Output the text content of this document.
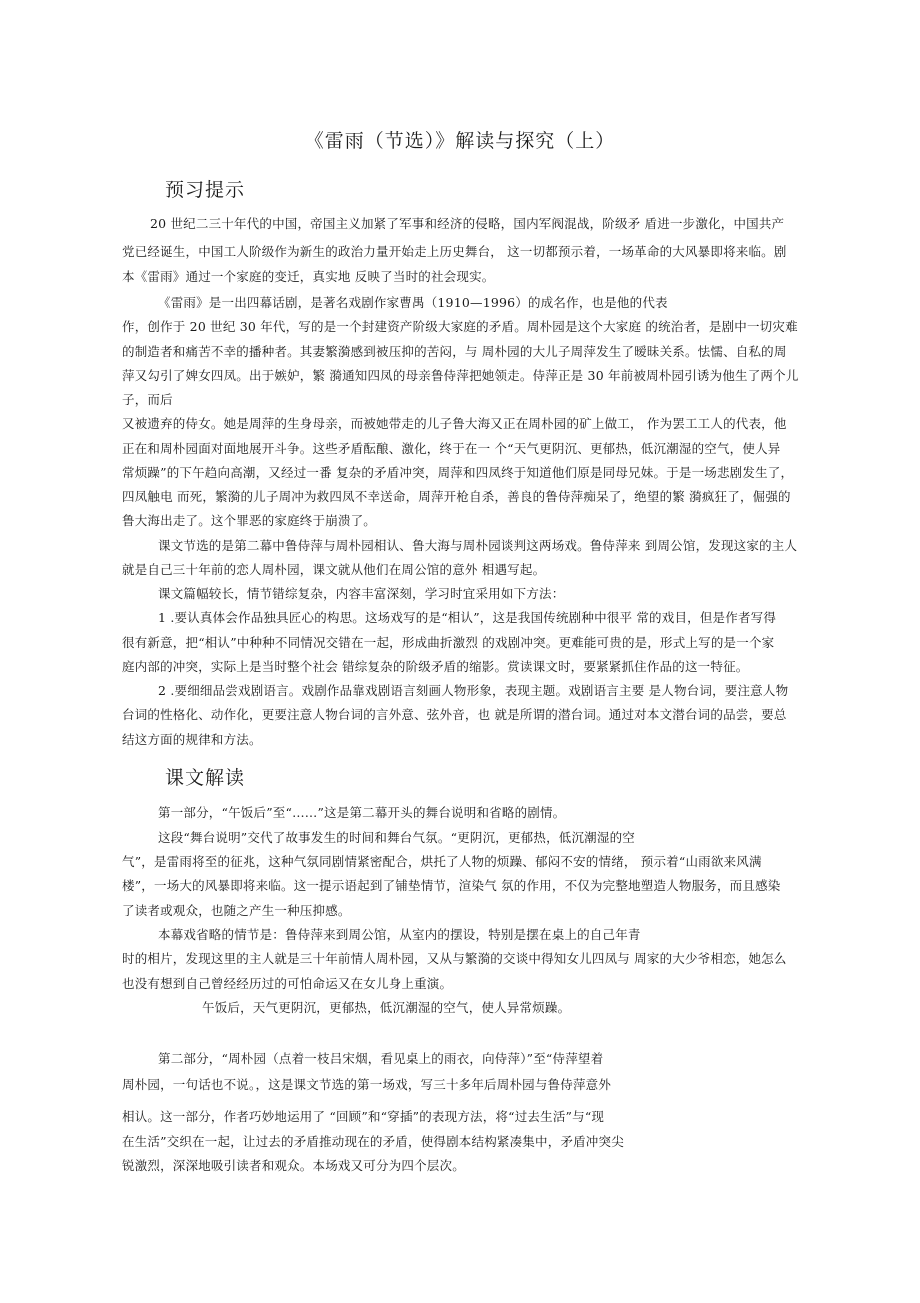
《雷雨（节选）》解读与探究（上）
预习提示
20 世纪二三十年代的中国，帝国主义加紧了军事和经济的侵略，国内军阀混战，阶级矛 盾进一步激化，中国共产
党已经诞生，中国工人阶级作为新生的政治力量开始走上历史舞台， 这一切都预示着，一场革命的大风暴即将来临。剧
本《雷雨》通过一个家庭的变迁，真实地 反映了当时的社会现实。
《雷雨》是一出四幕话剧，是著名戏剧作家曹禺（1910—1996）的成名作，也是他的代表
作，创作于 20 世纪 30 年代，写的是一个封建资产阶级大家庭的矛盾。周朴园是这个大家庭 的统治者，是剧中一切灾难
的制造者和痛苦不幸的播种者。其妻繁漪感到被压抑的苦闷，与 周朴园的大儿子周萍发生了暧昧关系。怯懦、自私的周
萍又勾引了婢女四凤。出于嫉妒，繁 漪通知四凤的母亲鲁侍萍把她领走。侍萍正是 30 年前被周朴园引诱为他生了两个儿
子，而后
又被遗弃的侍女。她是周萍的生身母亲，而被她带走的儿子鲁大海又正在周朴园的矿上做工， 作为罢工工人的代表，他
正在和周朴园面对面地展开斗争。这些矛盾酝酿、激化，终于在一 个“天气更阴沉、更郁热，低沉潮湿的空气，使人异
常烦躁”的下午趋向高潮，又经过一番 复杂的矛盾冲突，周萍和四凤终于知道他们原是同母兄妹。于是一场悲剧发生了，
四凤触电 而死，繁漪的儿子周冲为救四凤不幸送命，周萍开枪自杀，善良的鲁侍萍痴呆了，绝望的繁 漪疯狂了，倔强的
鲁大海出走了。这个罪恶的家庭终于崩溃了。
课文节选的是第二幕中鲁侍萍与周朴园相认、鲁大海与周朴园谈判这两场戏。鲁侍萍来 到周公馆，发现这家的主人
就是自己三十年前的恋人周朴园，课文就从他们在周公馆的意外 相遇写起。
课文篇幅较长，情节错综复杂，内容丰富深刻，学习时宜采用如下方法：
1 .要认真体会作品独具匠心的构思。这场戏写的是“相认”，这是我国传统剧种中很平 常的戏目，但是作者写得
很有新意，把“相认”中种种不同情况交错在一起，形成曲折激烈 的戏剧冲突。更难能可贵的是，形式上写的是一个家
庭内部的冲突，实际上是当时整个社会 错综复杂的阶级矛盾的缩影。赏读课文时，要紧紧抓住作品的这一特征。
2 .要细细品尝戏剧语言。戏剧作品靠戏剧语言刻画人物形象，表现主题。戏剧语言主要 是人物台词，要注意人物
台词的性格化、动作化，更要注意人物台词的言外意、弦外音，也 就是所谓的潜台词。通过对本文潜台词的品尝，要总
结这方面的规律和方法。
课文解读
第一部分，“午饭后”至“……”这是第二幕开头的舞台说明和省略的剧情。
这段“舞台说明”交代了故事发生的时间和舞台气氛。“更阴沉，更郁热，低沉潮湿的空
气”，是雷雨将至的征兆，这种气氛同剧情紧密配合，烘托了人物的烦躁、郁闷不安的情绪， 预示着“山雨欲来风满
楼”，一场大的风暴即将来临。这一提示语起到了铺垫情节，渲染气 氛的作用，不仅为完整地塑造人物服务，而且感染
了读者或观众，也随之产生一种压抑感。
本幕戏省略的情节是：鲁侍萍来到周公馆，从室内的摆设，特别是摆在桌上的自己年青
时的相片，发现这里的主人就是三十年前情人周朴园，又从与繁漪的交谈中得知女儿四凤与 周家的大少爷相恋，她怎么
也没有想到自己曾经经历过的可怕命运又在女儿身上重演。
午饭后，天气更阴沉，更郁热，低沉潮湿的空气，使人异常烦躁。
第二部分，“周朴园（点着一枝吕宋烟，看见桌上的雨衣，向侍萍）”至“侍萍望着
周朴园，一句话也不说。，这是课文节选的第一场戏，写三十多年后周朴园与鲁侍萍意外
相认。这一部分，作者巧妙地运用了 “回顾”和“穿插”的表现方法，将“过去生活”与“现
在生活”交织在一起，让过去的矛盾推动现在的矛盾，使得剧本结构紧凑集中，矛盾冲突尖
锐激烈，深深地吸引读者和观众。本场戏又可分为四个层次。
